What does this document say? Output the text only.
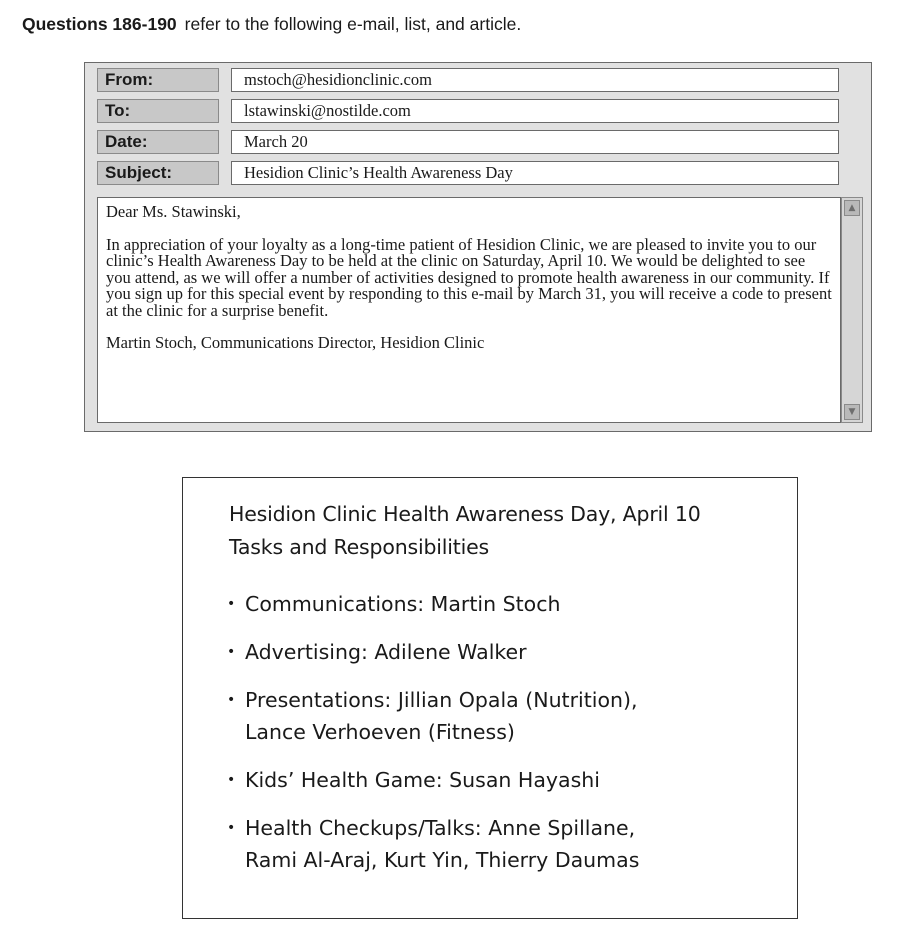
Questions 186-190 refer to the following e-mail, list, and article.
From:	mstoch@hesidionclinic.com
To:	lstawinski@nostilde.com
Date:	March 20
Subject:	Hesidion Clinic’s Health Awareness Day

Dear Ms. Stawinski,

In appreciation of your loyalty as a long-time patient of Hesidion Clinic, we are pleased to invite you to our clinic’s Health Awareness Day to be held at the clinic on Saturday, April 10. We would be delighted to see you attend, as we will offer a number of activities designed to promote health awareness in our community. If you sign up for this special event by responding to this e-mail by March 31, you will receive a code to present at the clinic for a surprise benefit.

Martin Stoch, Communications Director, Hesidion Clinic

▲
▼
Hesidion Clinic Health Awareness Day, April 10
Tasks and Responsibilities
• Communications: Martin Stoch
• Advertising: Adilene Walker
• Presentations: Jillian Opala (Nutrition),
Lance Verhoeven (Fitness)
• Kids’ Health Game: Susan Hayashi
• Health Checkups/Talks: Anne Spillane,
Rami Al-Araj, Kurt Yin, Thierry Daumas
